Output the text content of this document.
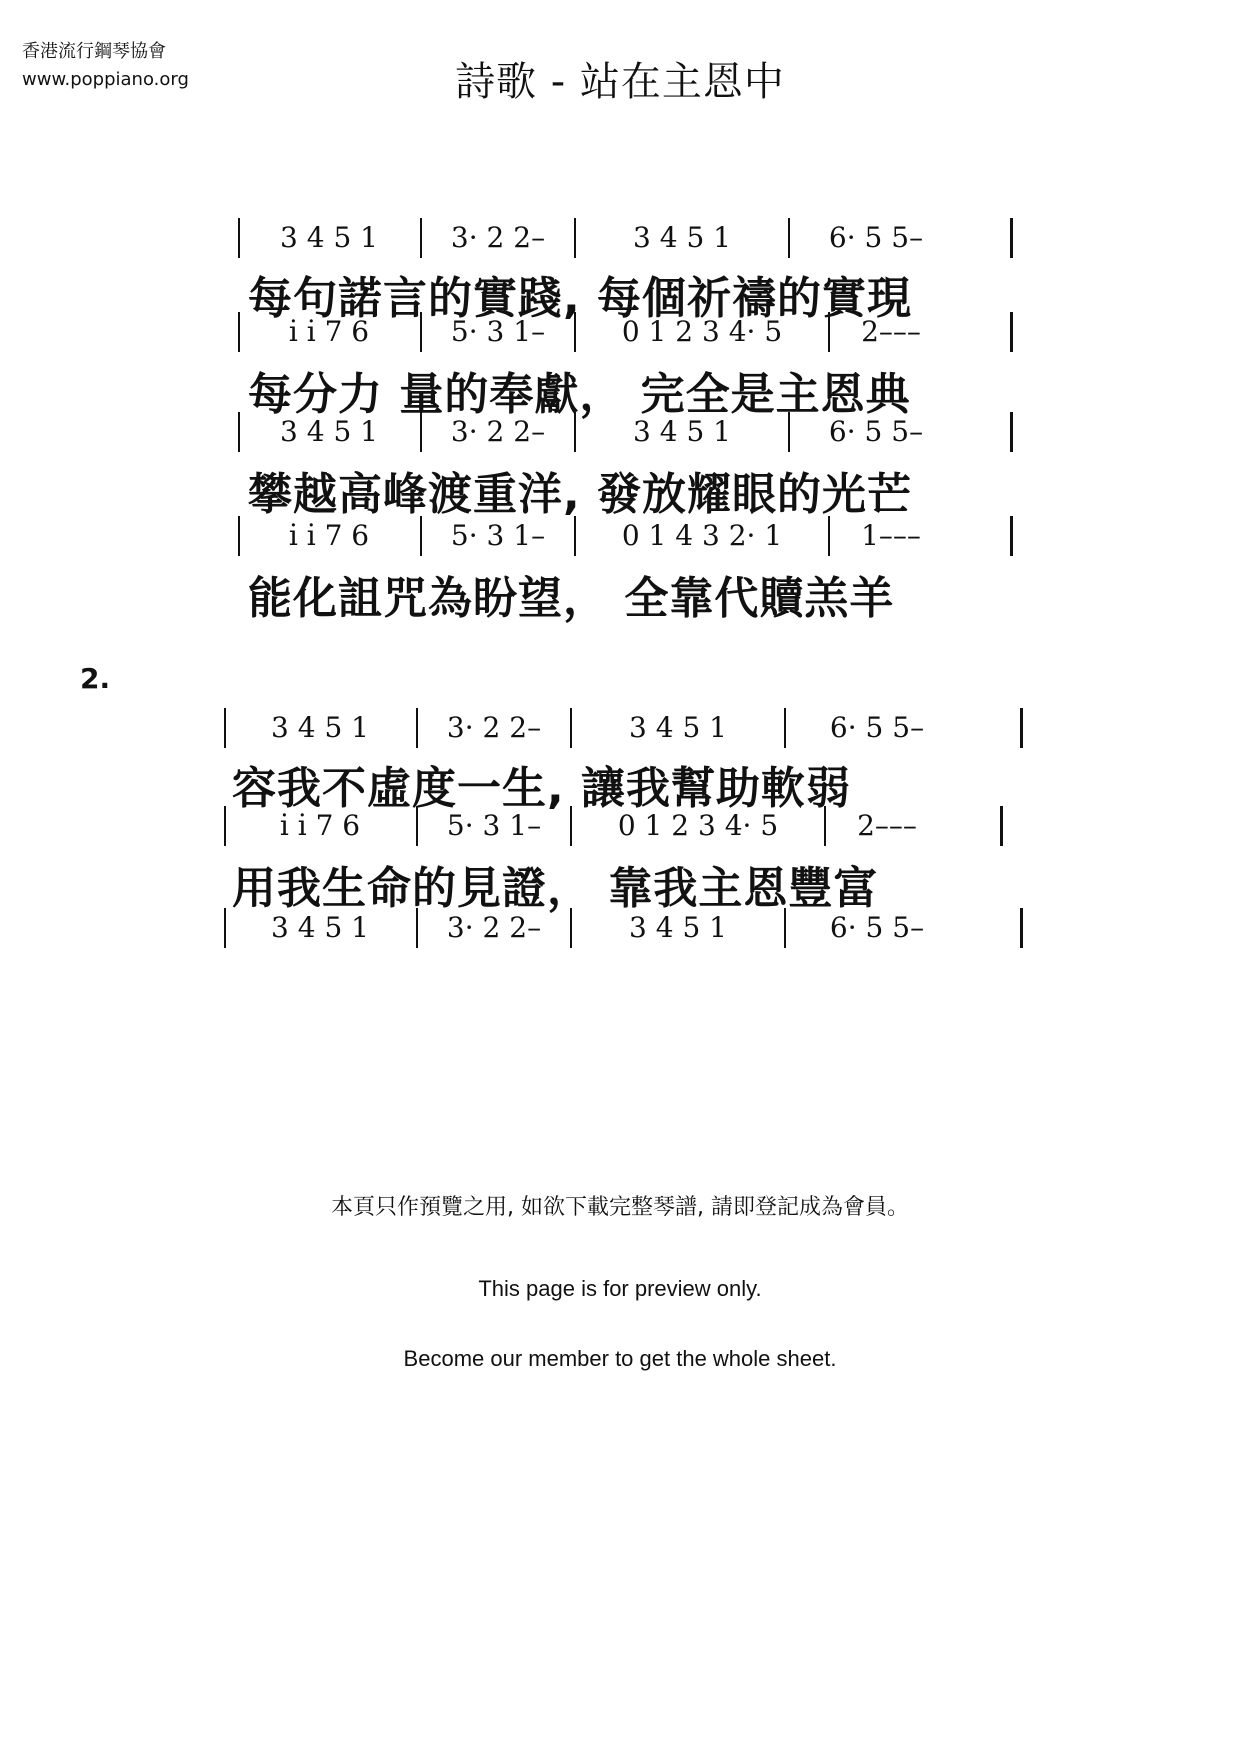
香港流行鋼琴協會
www.poppiano.org	詩歌 - 站在主恩中
3 4 5 1	3· 2 2–	3 4 5 1	6· 5 5–
每句諾言的實踐, 每個祈禱的實現
i̇ i̇ 7 6	5· 3 1–	0 1 2 3 4· 5	2–––
每分力 量的奉獻， 完全是主恩典
3 4 5 1	3· 2 2–	3 4 5 1	6· 5 5–
攀越高峰渡重洋, 發放耀眼的光芒
i̇ i̇ 7 6	5· 3 1–	0 1 4 3 2· 1	1–––
能化詛咒為盼望， 全靠代贖羔羊
2.
3 4 5 1	3· 2 2–	3 4 5 1	6· 5 5–
容我不虛度一生, 讓我幫助軟弱
i̇ i̇ 7 6	5· 3 1–	0 1 2 3 4· 5	2–––
用我生命的見證， 靠我主恩豐富
3 4 5 1	3· 2 2–	3 4 5 1	6· 5 5–
本頁只作預覽之用, 如欲下載完整琴譜, 請即登記成為會員。
This page is for preview only.
Become our member to get the whole sheet.
